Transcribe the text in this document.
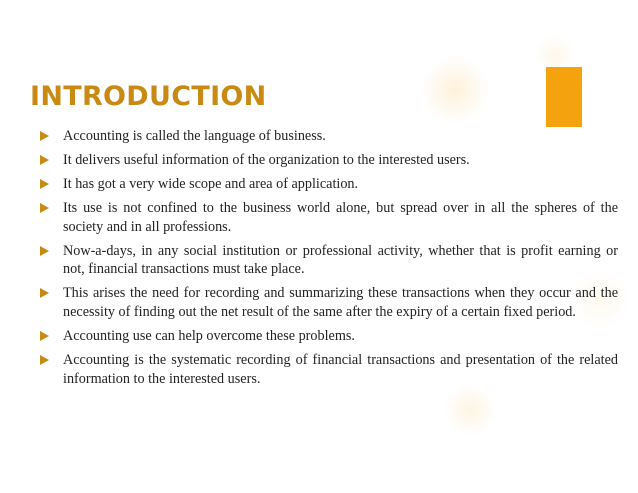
INTRODUCTION
Accounting is called the language of business.
It delivers useful information of the organization to the interested users.
It has got a very wide scope and area of application.
Its use is not confined to the business world alone, but spread over in all the spheres of the society and in all professions.
Now-a-days, in any social institution or professional activity, whether that is profit earning or not, financial transactions must take place.
This arises the need for recording and summarizing these transactions when they occur and the necessity of finding out the net result of the same after the expiry of a certain fixed period.
Accounting use can help overcome these problems.
Accounting is the systematic recording of financial transactions and presentation of the related information to the interested users.
